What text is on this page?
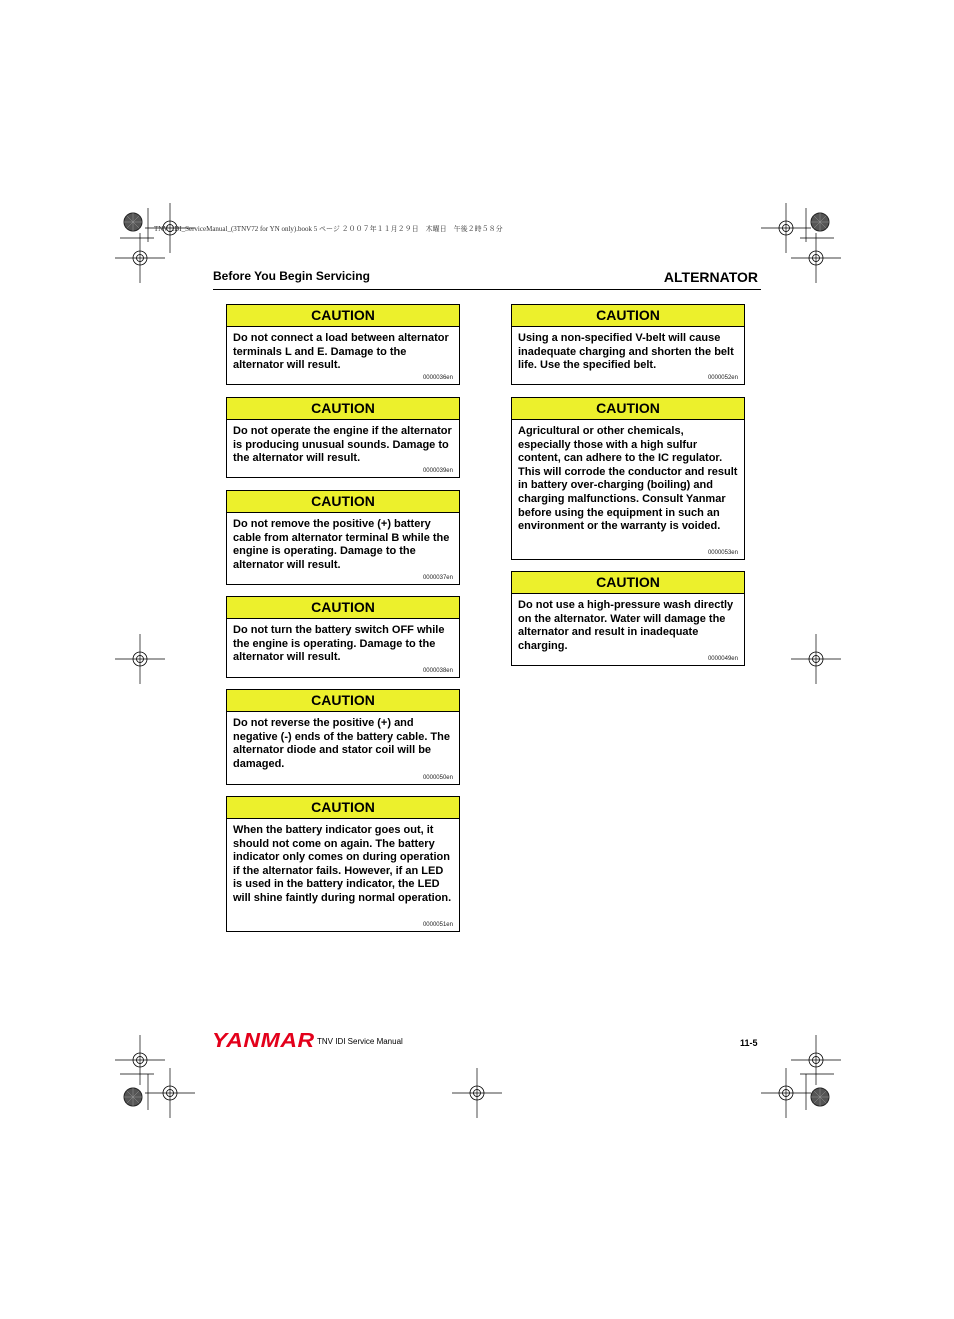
TNV_IDI_ServiceManual_(3TNV72 for YN only).book 5 ページ ２００７年１１月２９日　木曜日　午後２時５８分
Before You Begin Servicing	ALTERNATOR
CAUTION
Do not connect a load between alternator terminals L and E. Damage to the alternator will result.
0000036en
CAUTION
Do not operate the engine if the alternator is producing unusual sounds. Damage to the alternator will result.
0000039en
CAUTION
Do not remove the positive (+) battery cable from alternator terminal B while the engine is operating. Damage to the alternator will result.
0000037en
CAUTION
Do not turn the battery switch OFF while the engine is operating. Damage to the alternator will result.
0000038en
CAUTION
Do not reverse the positive (+) and negative (-) ends of the battery cable. The alternator diode and stator coil will be damaged.
0000050en
CAUTION
When the battery indicator goes out, it should not come on again. The battery indicator only comes on during operation if the alternator fails. However, if an LED is used in the battery indicator, the LED will shine faintly during normal operation.
0000051en
CAUTION
Using a non-specified V-belt will cause inadequate charging and shorten the belt life. Use the specified belt.
0000052en
CAUTION
Agricultural or other chemicals, especially those with a high sulfur content, can adhere to the IC regulator. This will corrode the conductor and result in battery over-charging (boiling) and charging malfunctions. Consult Yanmar before using the equipment in such an environment or the warranty is voided.
0000053en
CAUTION
Do not use a high-pressure wash directly on the alternator. Water will damage the alternator and result in inadequate charging.
0000049en
YANMAR TNV IDI Service Manual	11-5
